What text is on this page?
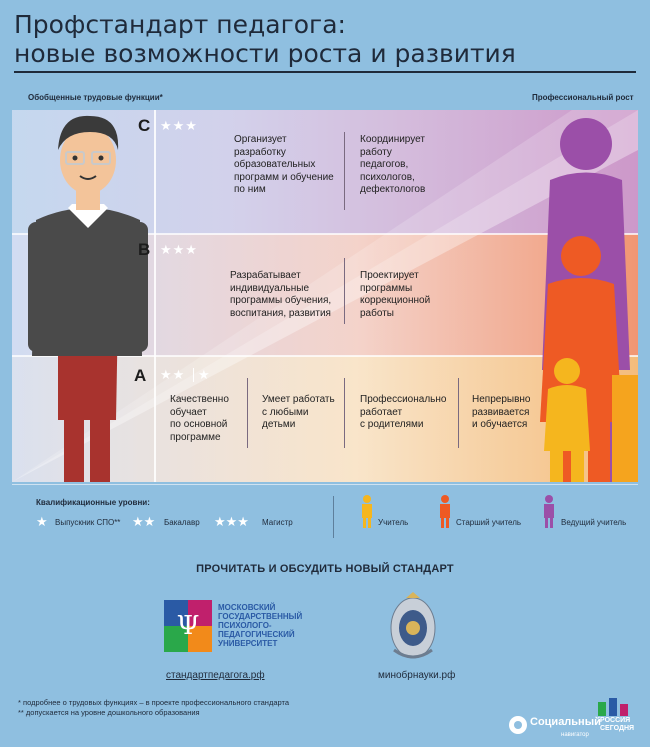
Профстандарт педагога:
новые возможности роста и развития
Обобщенные трудовые функции*	Профессиональный рост
C ★★★
Организует
разработку
образовательных
программ и обучение
по ним
Координирует
работу
педагогов,
психологов,
дефектологов
B ★★★
Разрабатывает
индивидуальные
программы обучения,
воспитания, развития
Проектирует
программы
коррекционной
работы
A ★★ ★
Качественно
обучает
по основной
программе
Умеет работать
с любыми
детьми
Профессионально
работает
с родителями
Непрерывно
развивается
и обучается
Квалификационные уровни:
★ Выпускник СПО** ★★ Бакалавр ★★★ Магистр	Учитель	Старший учитель	Ведущий учитель
ПРОЧИТАТЬ И ОБСУДИТЬ НОВЫЙ СТАНДАРТ
Ψ
МОСКОВСКИЙ
ГОСУДАРСТВЕННЫЙ
ПСИХОЛОГО-
ПЕДАГОГИЧЕСКИЙ
УНИВЕРСИТЕТ
стандартпедагога.рф	минобрнауки.рф
* подробнее о трудовых функциях – в проекте профессионального стандарта
** допускается на уровне дошкольного образования
Социальный
навигатор
РОССИЯ
СЕГОДНЯ
